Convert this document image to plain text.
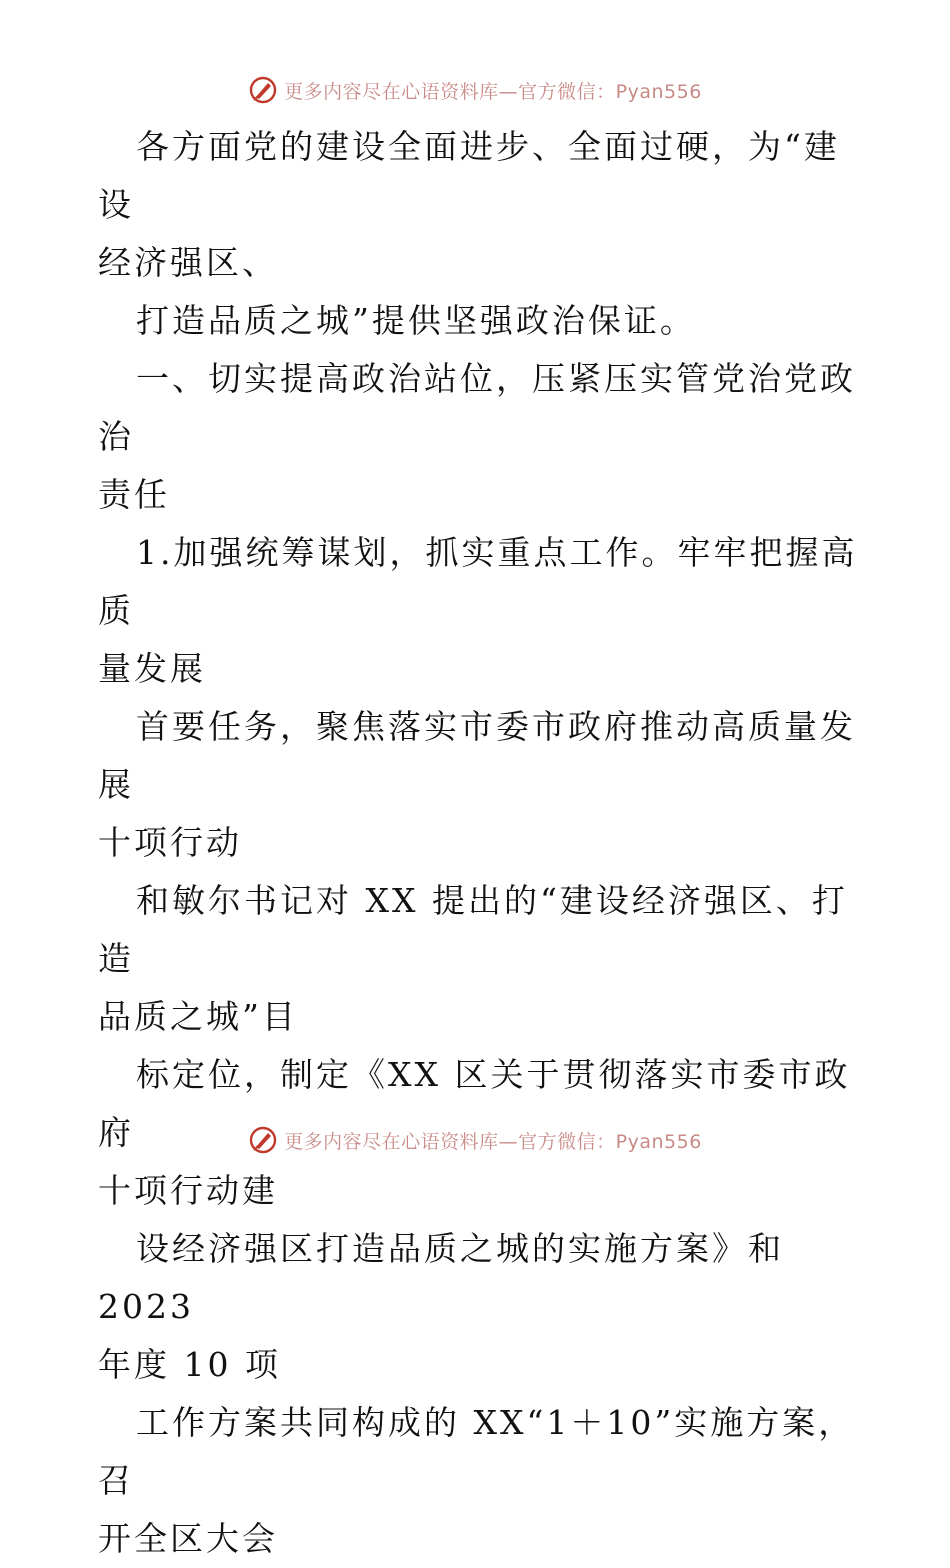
更多内容尽在心语资料库—官方微信：Pyan556

各方面党的建设全面进步、全面过硬，为“建设
经济强区、

打造品质之城”提供坚强政治保证。

一、切实提高政治站位，压紧压实管党治党政治
责任

1.加强统筹谋划，抓实重点工作。牢牢把握高质
量发展

首要任务，聚焦落实市委市政府推动高质量发展
十项行动

和敏尔书记对 XX 提出的“建设经济强区、打造
品质之城”目

标定位，制定《XX 区关于贯彻落实市委市政府
十项行动建

设经济强区打造品质之城的实施方案》和 2023
年度 10 项

工作方案共同构成的 XX“1＋10”实施方案，召
开全区大会

更多内容尽在心语资料库—官方微信：Pyan556
